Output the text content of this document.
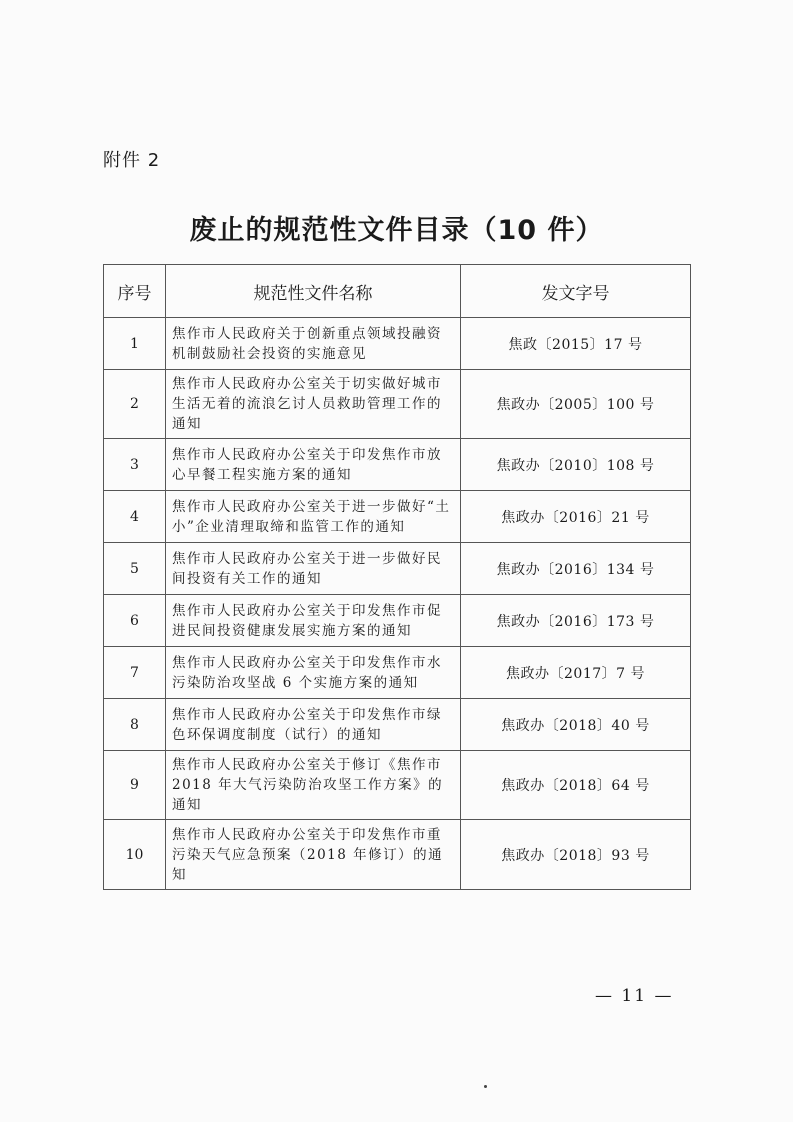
附件 2
废止的规范性文件目录（10 件）
序号	规范性文件名称	发文字号
1	焦作市人民政府关于创新重点领域投融资机制鼓励社会投资的实施意见	焦政〔2015〕17 号
2	焦作市人民政府办公室关于切实做好城市生活无着的流浪乞讨人员救助管理工作的通知	焦政办〔2005〕100 号
3	焦作市人民政府办公室关于印发焦作市放心早餐工程实施方案的通知	焦政办〔2010〕108 号
4	焦作市人民政府办公室关于进一步做好“土小”企业清理取缔和监管工作的通知	焦政办〔2016〕21 号
5	焦作市人民政府办公室关于进一步做好民间投资有关工作的通知	焦政办〔2016〕134 号
6	焦作市人民政府办公室关于印发焦作市促进民间投资健康发展实施方案的通知	焦政办〔2016〕173 号
7	焦作市人民政府办公室关于印发焦作市水污染防治攻坚战 6 个实施方案的通知	焦政办〔2017〕7 号
8	焦作市人民政府办公室关于印发焦作市绿色环保调度制度（试行）的通知	焦政办〔2018〕40 号
9	焦作市人民政府办公室关于修订《焦作市 2018 年大气污染防治攻坚工作方案》的通知	焦政办〔2018〕64 号
10	焦作市人民政府办公室关于印发焦作市重污染天气应急预案（2018 年修订）的通知	焦政办〔2018〕93 号
— 11 —
